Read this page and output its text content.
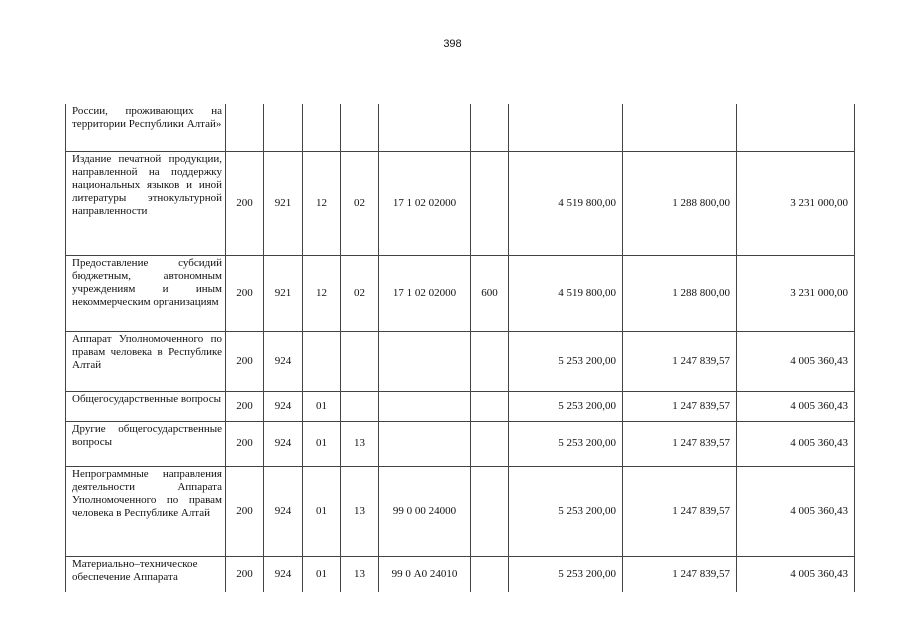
398
России, проживающих на территории Республики Алтай»									
Издание печатной продукции, направленной на поддержку национальных языков и иной литературы этнокультурной направленности	200	921	12	02	17 1 02 02000		4 519 800,00	1 288 800,00	3 231 000,00
Предоставление субсидий бюджетным, автономным учреждениям и иным некоммерческим организациям	200	921	12	02	17 1 02 02000	600	4 519 800,00	1 288 800,00	3 231 000,00
Аппарат Уполномоченного по правам человека в Республике Алтай	200	924					5 253 200,00	1 247 839,57	4 005 360,43
Общегосударственные вопросы	200	924	01				5 253 200,00	1 247 839,57	4 005 360,43
Другие общегосударственные вопросы	200	924	01	13			5 253 200,00	1 247 839,57	4 005 360,43
Непрограммные направления деятельности Аппарата Уполномоченного по правам человека в Республике Алтай	200	924	01	13	99 0 00 24000		5 253 200,00	1 247 839,57	4 005 360,43
Материально–техническое обеспечение Аппарата	200	924	01	13	99 0 А0 24010		5 253 200,00	1 247 839,57	4 005 360,43
